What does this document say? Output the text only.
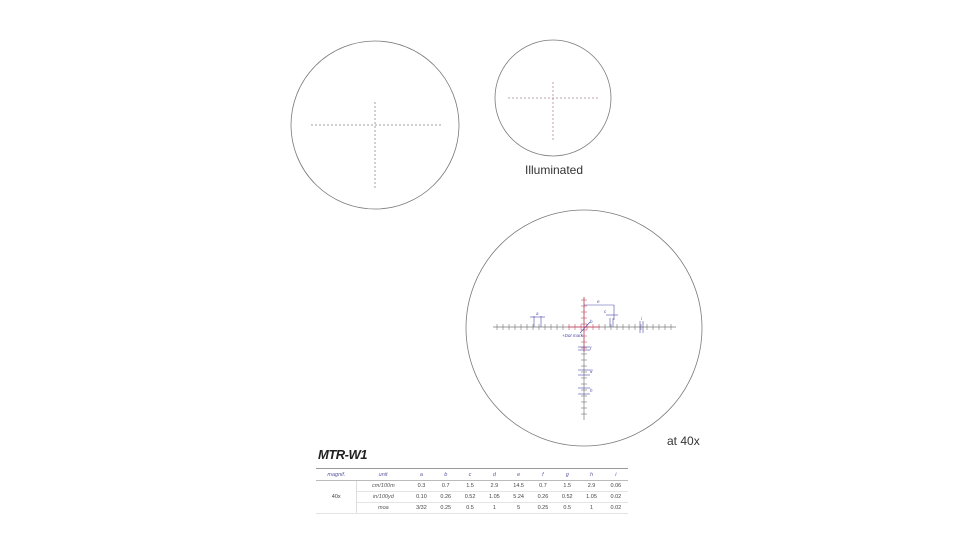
a
e
c
b
i
f
g
h
+Dot mark
Illuminated
at 40x
MTR-W1
magnif.	unit	a	b	c	d	e	f	g	h	i
40x	cm/100m	0.3	0.7	1.5	2.9	14.5	0.7	1.5	2.9	0.06
	in/100yd	0.10	0.26	0.52	1.05	5.24	0.26	0.52	1.05	0.02
	moa	3/32	0.25	0.5	1	5	0.25	0.5	1	0.02
